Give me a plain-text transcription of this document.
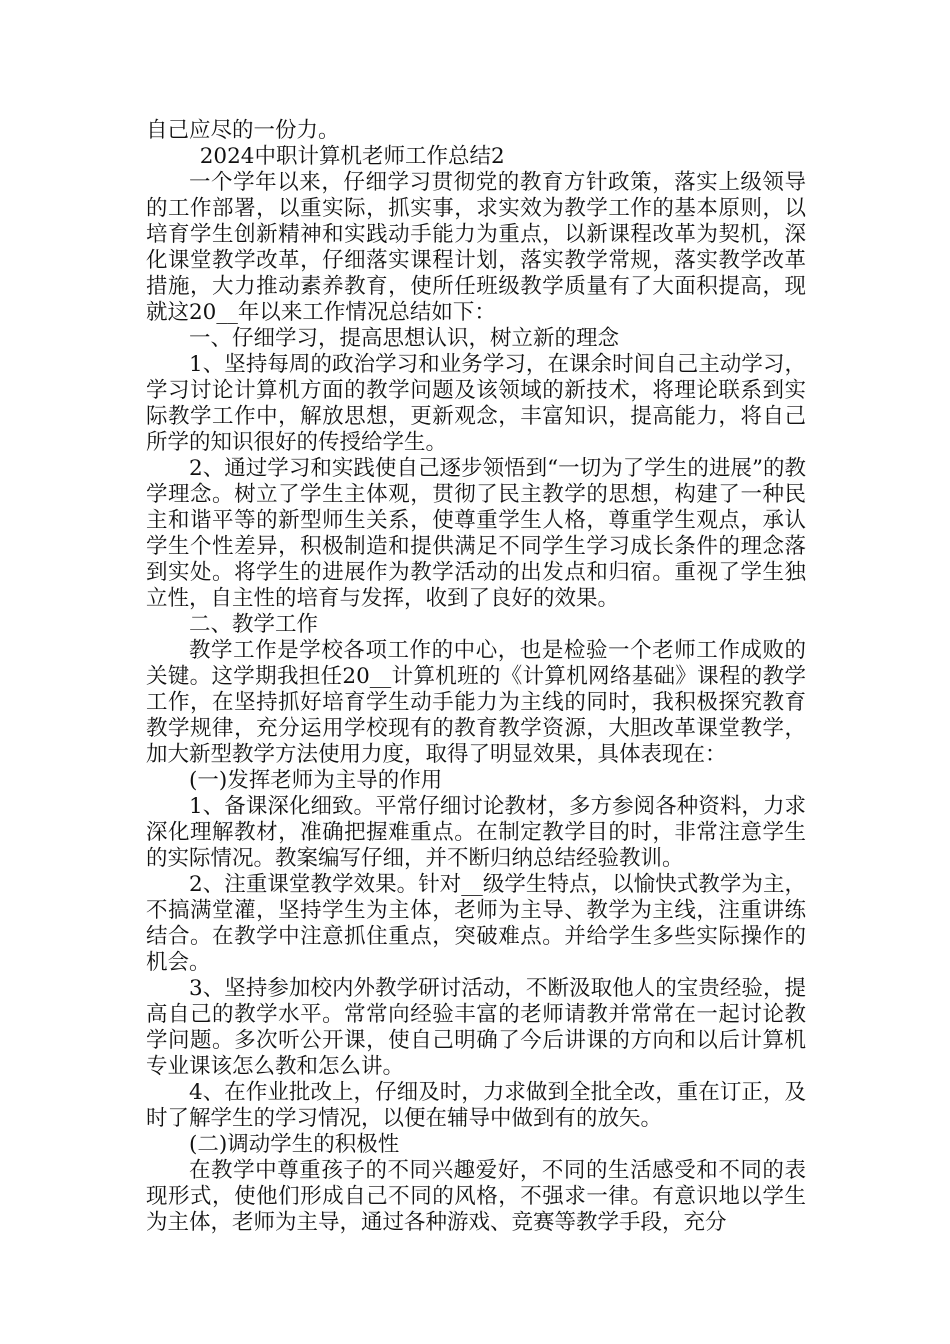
自己应尽的一份力。

2024中职计算机老师工作总结2

一个学年以来，仔细学习贯彻党的教育方针政策，落实上级领导的工作部署，以重实际，抓实事，求实效为教学工作的基本原则，以培育学生创新精神和实践动手能力为重点，以新课程改革为契机，深化课堂教学改革，仔细落实课程计划，落实教学常规，落实教学改革措施，大力推动素养教育，使所任班级教学质量有了大面积提高，现就这20__年以来工作情况总结如下：

一、仔细学习，提高思想认识，树立新的理念

1、坚持每周的政治学习和业务学习，在课余时间自己主动学习，学习讨论计算机方面的教学问题及该领域的新技术，将理论联系到实际教学工作中，解放思想，更新观念，丰富知识，提高能力，将自己所学的知识很好的传授给学生。

2、通过学习和实践使自己逐步领悟到“一切为了学生的进展”的教学理念。树立了学生主体观，贯彻了民主教学的思想，构建了一种民主和谐平等的新型师生关系，使尊重学生人格，尊重学生观点，承认学生个性差异，积极制造和提供满足不同学生学习成长条件的理念落到实处。将学生的进展作为教学活动的出发点和归宿。重视了学生独立性，自主性的培育与发挥，收到了良好的效果。

二、教学工作

教学工作是学校各项工作的中心，也是检验一个老师工作成败的关键。这学期我担任20__计算机班的《计算机网络基础》课程的教学工作，在坚持抓好培育学生动手能力为主线的同时，我积极探究教育教学规律，充分运用学校现有的教育教学资源，大胆改革课堂教学，加大新型教学方法使用力度，取得了明显效果，具体表现在：

(一)发挥老师为主导的作用

1、备课深化细致。平常仔细讨论教材，多方参阅各种资料，力求深化理解教材，准确把握难重点。在制定教学目的时，非常注意学生的实际情况。教案编写仔细，并不断归纳总结经验教训。

2、注重课堂教学效果。针对__级学生特点，以愉快式教学为主，不搞满堂灌，坚持学生为主体，老师为主导、教学为主线，注重讲练结合。在教学中注意抓住重点，突破难点。并给学生多些实际操作的机会。

3、坚持参加校内外教学研讨活动，不断汲取他人的宝贵经验，提高自己的教学水平。常常向经验丰富的老师请教并常常在一起讨论教学问题。多次听公开课，使自己明确了今后讲课的方向和以后计算机专业课该怎么教和怎么讲。

4、在作业批改上，仔细及时，力求做到全批全改，重在订正，及时了解学生的学习情况，以便在辅导中做到有的放矢。

(二)调动学生的积极性

在教学中尊重孩子的不同兴趣爱好，不同的生活感受和不同的表现形式，使他们形成自己不同的风格，不强求一律。有意识地以学生为主体，老师为主导，通过各种游戏、竞赛等教学手段，充分
